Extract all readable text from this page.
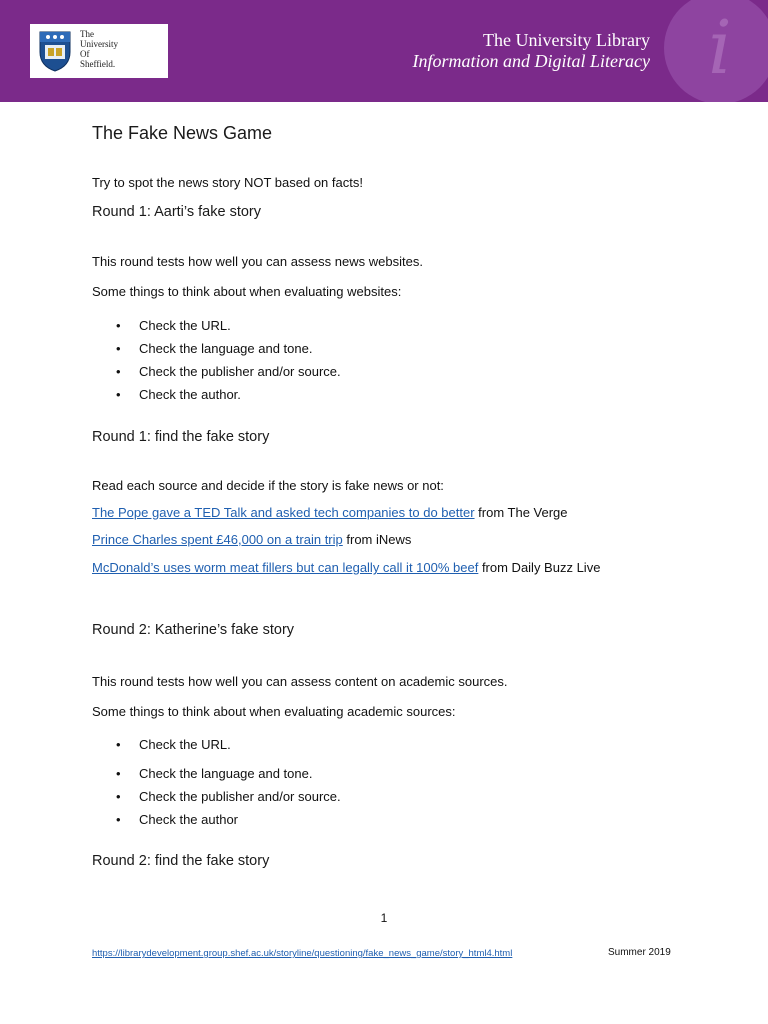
i
The
University
Of
Sheffield.
The University Library
Information and Digital Literacy
The Fake News Game
Try to spot the news story NOT based on facts!
Round 1: Aarti’s fake story
This round tests how well you can assess news websites.
Some things to think about when evaluating websites:
• Check the URL.
• Check the language and tone.
• Check the publisher and/or source.
• Check the author.
Round 1: find the fake story
Read each source and decide if the story is fake news or not:
The Pope gave a TED Talk and asked tech companies to do better from The Verge
Prince Charles spent £46,000 on a train trip from iNews
McDonald’s uses worm meat fillers but can legally call it 100% beef from Daily Buzz Live
Round 2: Katherine’s fake story
This round tests how well you can assess content on academic sources.
Some things to think about when evaluating academic sources:
• Check the URL.
• Check the language and tone.
• Check the publisher and/or source.
• Check the author
Round 2: find the fake story
1
https://librarydevelopment.group.shef.ac.uk/storyline/questioning/fake_news_game/story_html4.html	Summer 2019
